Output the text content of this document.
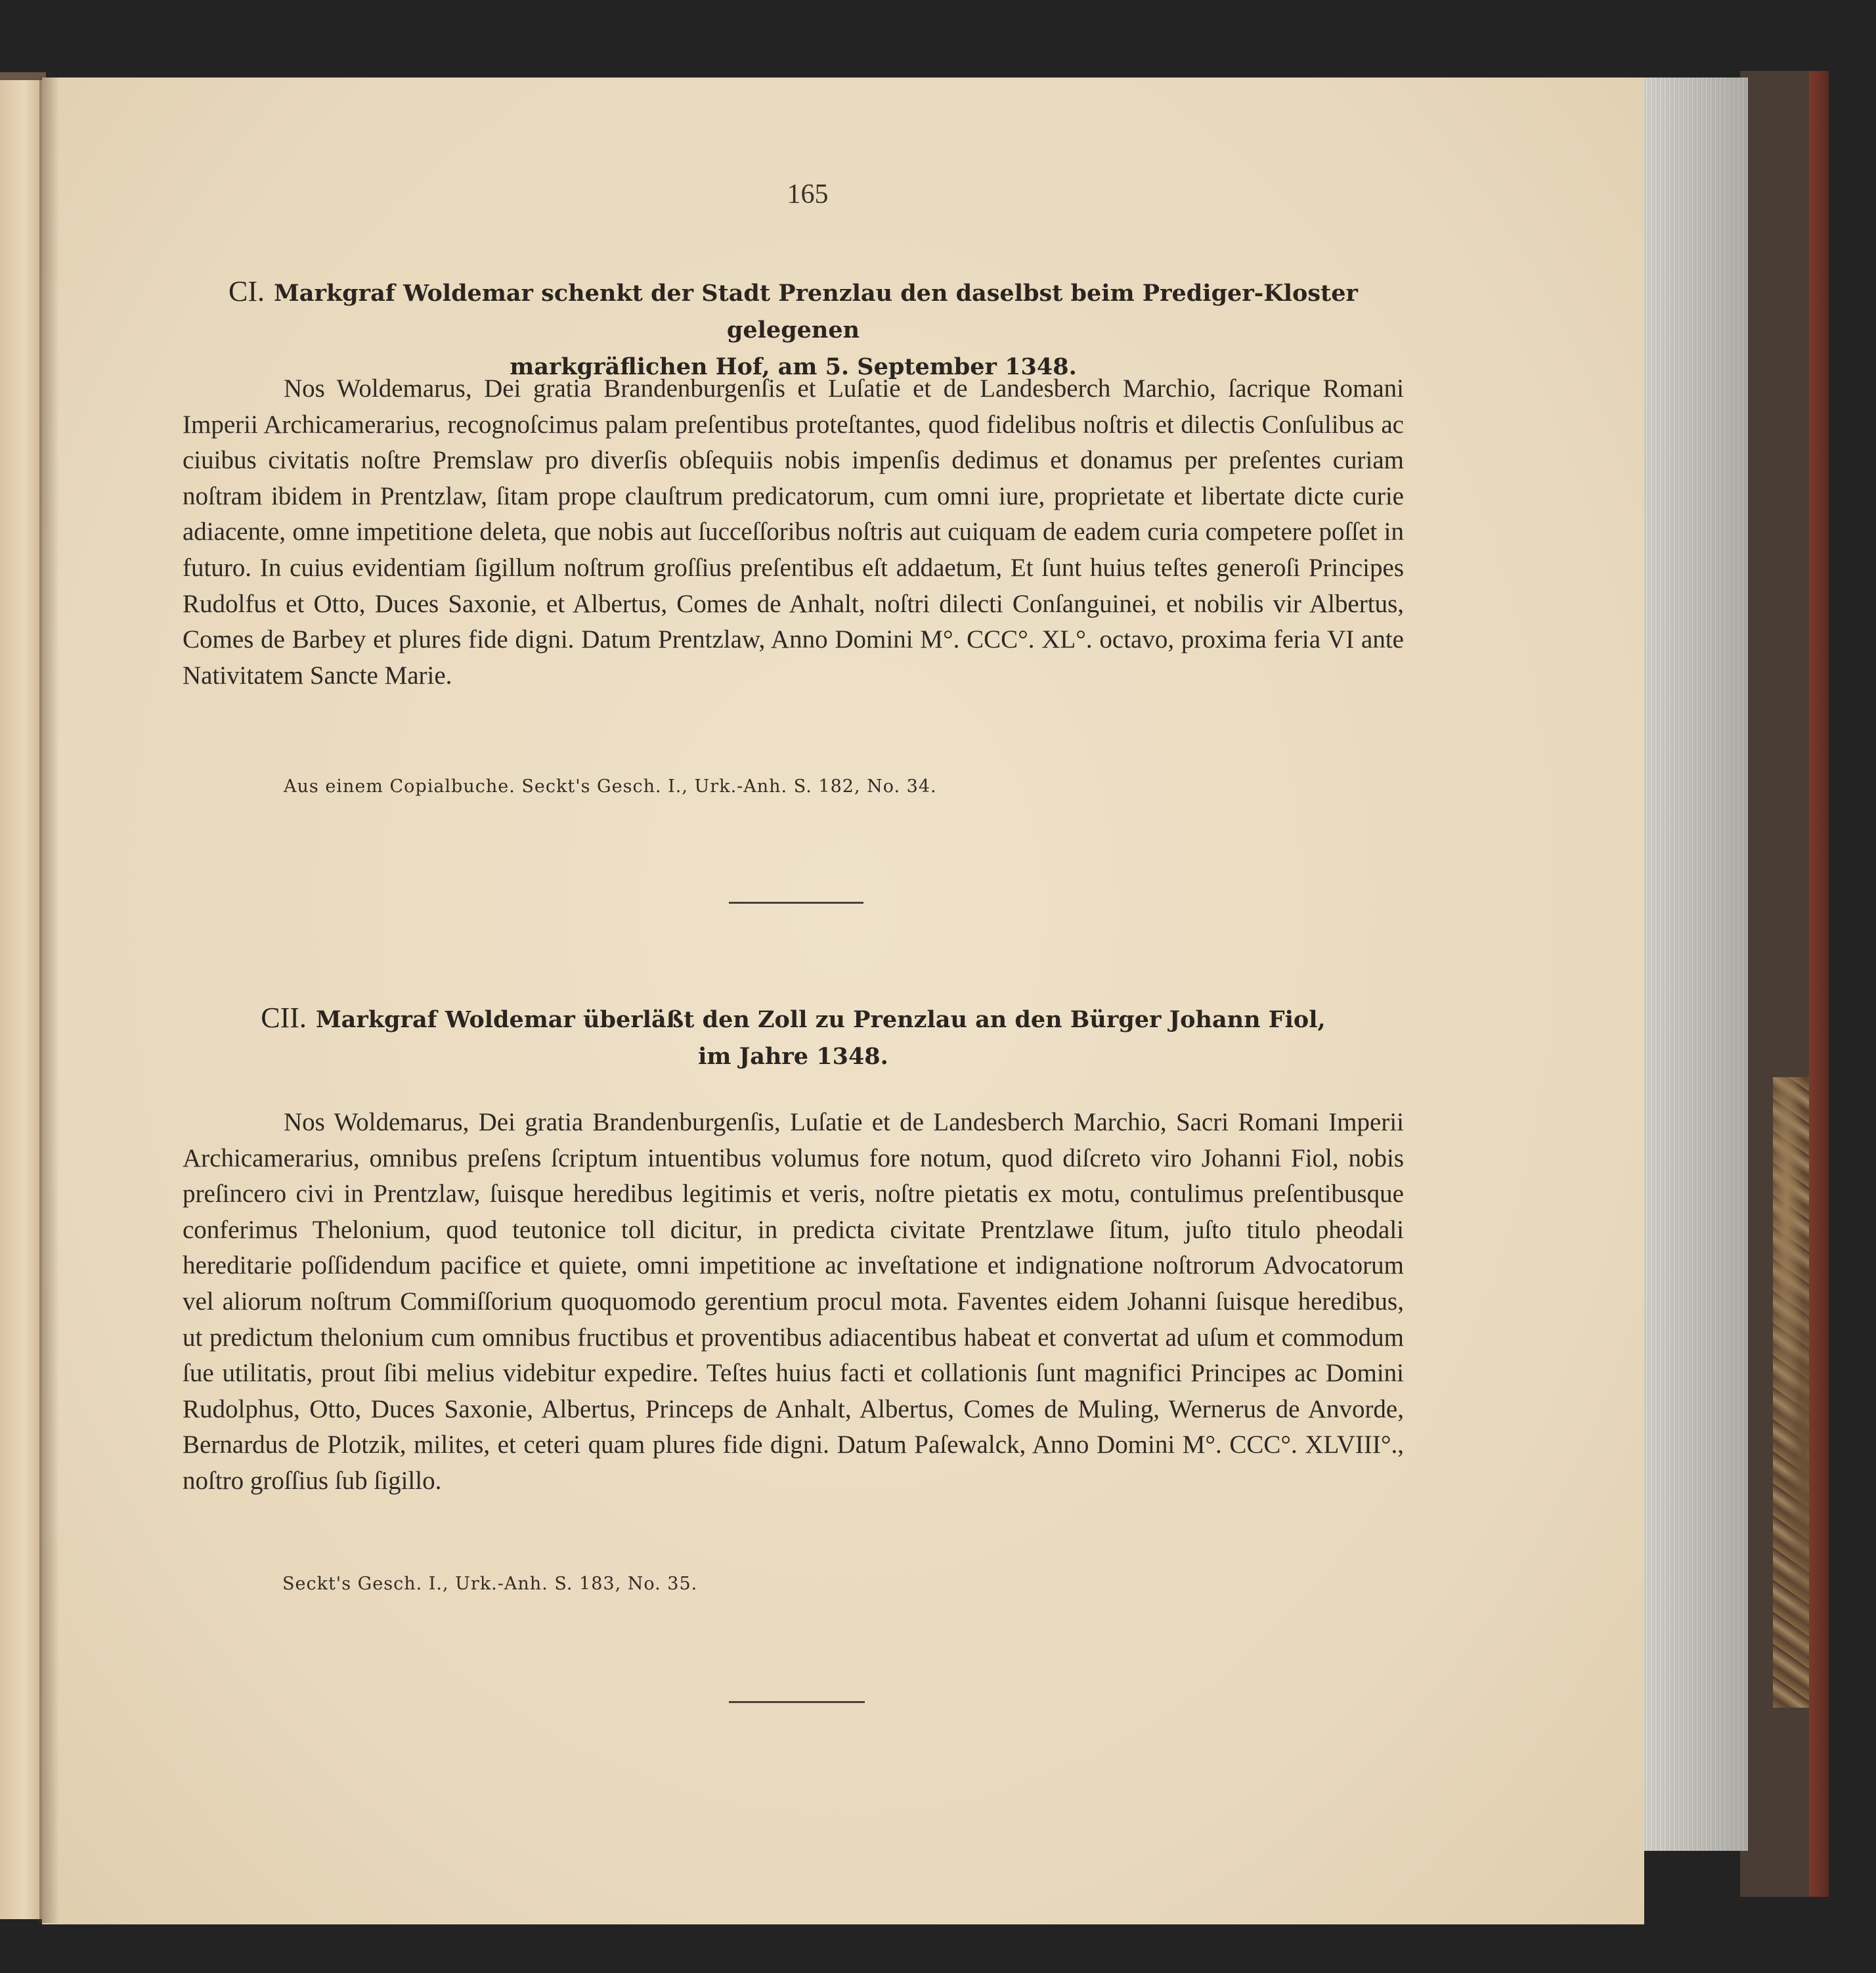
165
CI. Markgraf Woldemar schenkt der Stadt Prenzlau den daselbst beim Prediger-Kloster gelegenen
markgräflichen Hof, am 5. September 1348.
Nos Woldemarus, Dei gratia Brandenburgenſis et Luſatie et de Landesberch Marchio, ſacrique Romani Imperii Archicamerarius, recognoſcimus palam preſentibus proteſtantes, quod fidelibus noſtris et dilectis Conſulibus ac ciuibus civitatis noſtre Premslaw pro diverſis obſequiis nobis impenſis dedimus et donamus per preſentes curiam noſtram ibidem in Prentzlaw, ſitam prope clauſtrum predicatorum, cum omni iure, proprietate et libertate dicte curie adiacente, omne impetitione deleta, que nobis aut ſucceſſoribus noſtris aut cuiquam de eadem curia competere poſſet in futuro. In cuius evidentiam ſigillum noſtrum groſſius preſentibus eſt addaetum, Et ſunt huius teſtes generoſi Principes Rudolfus et Otto, Duces Saxonie, et Albertus, Comes de Anhalt, noſtri dilecti Conſanguinei, et nobilis vir Albertus, Comes de Barbey et plures fide digni. Datum Prentzlaw, Anno Domini M°. CCC°. XL°. octavo, proxima feria VI ante Nativitatem Sancte Marie.
Aus einem Copialbuche. Seckt's Gesch. I., Urk.-Anh. S. 182, No. 34.
CII. Markgraf Woldemar überläßt den Zoll zu Prenzlau an den Bürger Johann Fiol,
im Jahre 1348.
Nos Woldemarus, Dei gratia Brandenburgenſis, Luſatie et de Landesberch Marchio, Sacri Romani Imperii Archicamerarius, omnibus preſens ſcriptum intuentibus volumus fore notum, quod diſcreto viro Johanni Fiol, nobis preſincero civi in Prentzlaw, ſuisque heredibus legitimis et veris, noſtre pietatis ex motu, contulimus preſentibusque conferimus Thelonium, quod teutonice toll dicitur, in predicta civitate Prentzlawe ſitum, juſto titulo pheodali hereditarie poſſidendum pacifice et quiete, omni impetitione ac inveſtatione et indignatione noſtrorum Advocatorum vel aliorum noſtrum Commiſſorium quoquomodo gerentium procul mota. Faventes eidem Johanni ſuisque heredibus, ut predictum thelonium cum omnibus fructibus et proventibus adiacentibus habeat et convertat ad uſum et commodum ſue utilitatis, prout ſibi melius videbitur expedire. Teſtes huius facti et collationis ſunt magnifici Principes ac Domini Rudolphus, Otto, Duces Saxonie, Albertus, Princeps de Anhalt, Albertus, Comes de Muling, Wernerus de Anvorde, Bernardus de Plotzik, milites, et ceteri quam plures fide digni. Datum Paſewalck, Anno Domini M°. CCC°. XLVIII°., noſtro groſſius ſub ſigillo.
Seckt's Gesch. I., Urk.-Anh. S. 183, No. 35.
